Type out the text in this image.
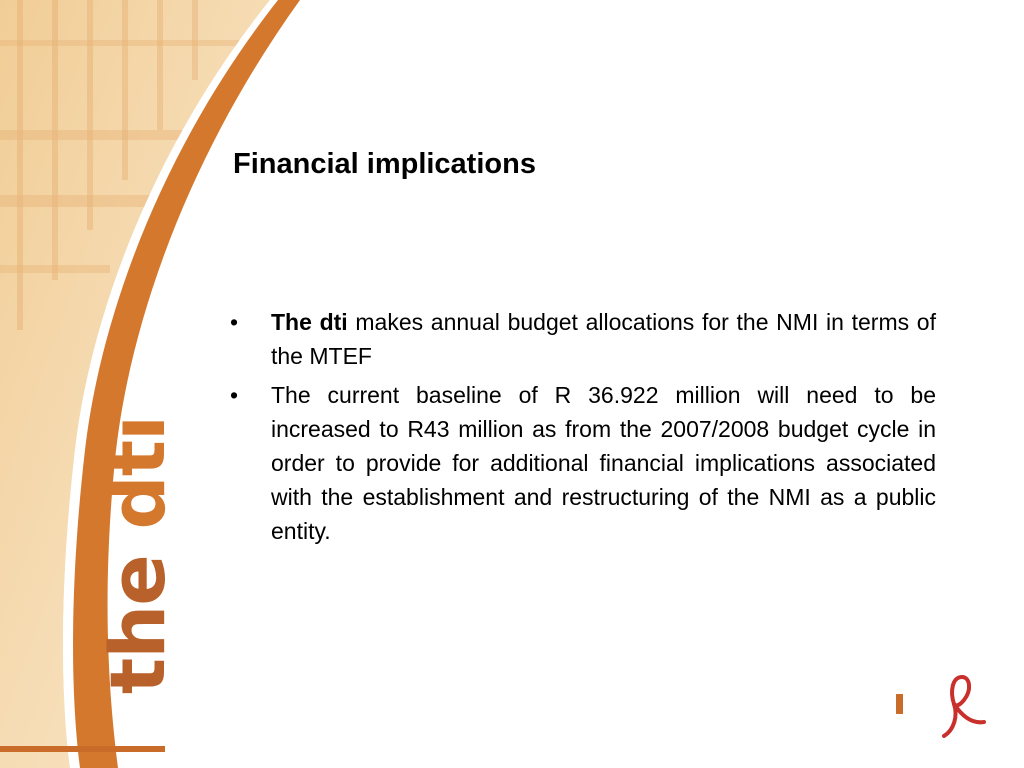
the dti
Financial implications
• The dti makes annual budget allocations for the NMI in terms of the MTEF
• The current baseline of R 36.922 million will need to be increased to R43 million as from the 2007/2008 budget cycle in order to provide for additional financial implications associated with the establishment and restructuring of the NMI as a public entity.
